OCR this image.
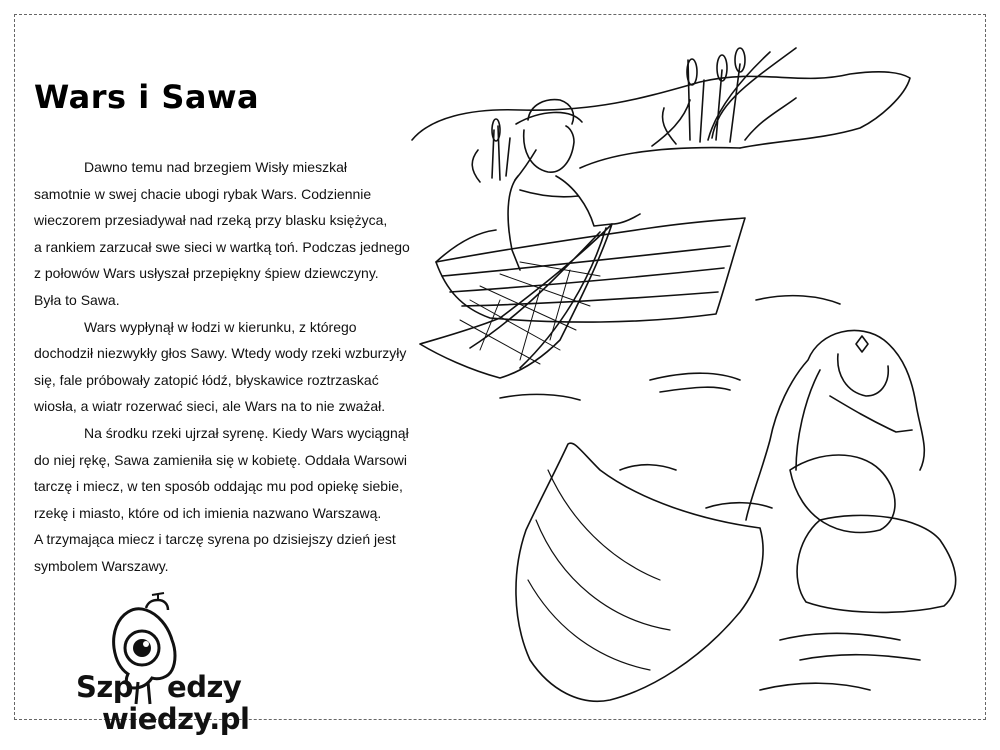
Wars i Sawa

Dawno temu nad brzegiem Wisły mieszkał
samotnie w swej chacie ubogi rybak Wars. Codziennie
wieczorem przesiadywał nad rzeką przy blasku księżyca,
a rankiem zarzucał swe sieci w wartką toń. Podczas jednego
z połowów Wars usłyszał przepiękny śpiew dziewczyny.
Była to Sawa.

Wars wypłynął w łodzi w kierunku, z którego
dochodził niezwykły głos Sawy. Wtedy wody rzeki wzburzyły
się, fale próbowały zatopić łódź, błyskawice roztrzaskać
wiosła, a wiatr rozerwać sieci, ale Wars na to nie zważał.

Na środku rzeki ujrzał syrenę. Kiedy Wars wyciągnął
do niej rękę, Sawa zamieniła się w kobietę. Oddała Warsowi
tarczę i miecz, w ten sposób oddając mu pod opiekę siebie,
rzekę i miasto, które od ich imienia nazwano Warszawą.
A trzymająca miecz i tarczę syrena po dzisiejszy dzień jest
symbolem Warszawy.

Szp edzy
wiedzy.pl
